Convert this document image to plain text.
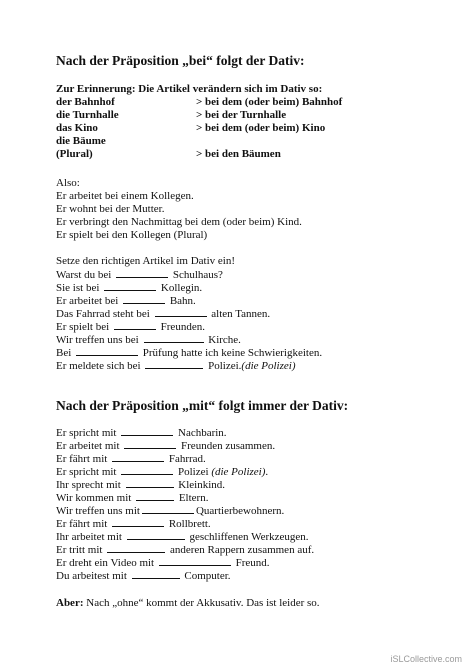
Nach der Präposition „bei“ folgt der Dativ:
Zur Erinnerung: Die Artikel verändern sich im Dativ so:
der Bahnhof	> bei dem (oder beim) Bahnhof
die Turnhalle	> bei der Turnhalle
das Kino	> bei dem (oder beim) Kino
die Bäume
(Plural)	> bei den Bäumen
Also:
Er arbeitet bei einem Kollegen.
Er wohnt bei der Mutter.
Er verbringt den Nachmittag bei dem (oder beim) Kind.
Er spielt bei den Kollegen (Plural)
Setze den richtigen Artikel im Dativ ein!
Warst du bei	Schulhaus?
Sie ist bei	Kollegin.
Er arbeitet bei	Bahn.
Das Fahrrad steht bei	alten Tannen.
Er spielt bei	Freunden.
Wir treffen uns bei	Kirche.
Bei	Prüfung hatte ich keine Schwierigkeiten.
Er meldete sich bei	Polizei.(die Polizei)
Nach der Präposition „mit“ folgt immer der Dativ:
Er spricht mit	Nachbarin.
Er arbeitet mit	Freunden zusammen.
Er fährt mit	Fahrrad.
Er spricht mit	Polizei (die Polizei).
Ihr sprecht mit	Kleinkind.
Wir kommen mit	Eltern.
Wir treffen uns mit	Quartierbewohnern.
Er fährt mit	Rollbrett.
Ihr arbeitet mit	geschliffenen Werkzeugen.
Er tritt mit	anderen Rappern zusammen auf.
Er dreht ein Video mit	Freund.
Du arbeitest mit	Computer.
Aber: Nach „ohne“ kommt der Akkusativ. Das ist leider so.
iSLCollective.com
